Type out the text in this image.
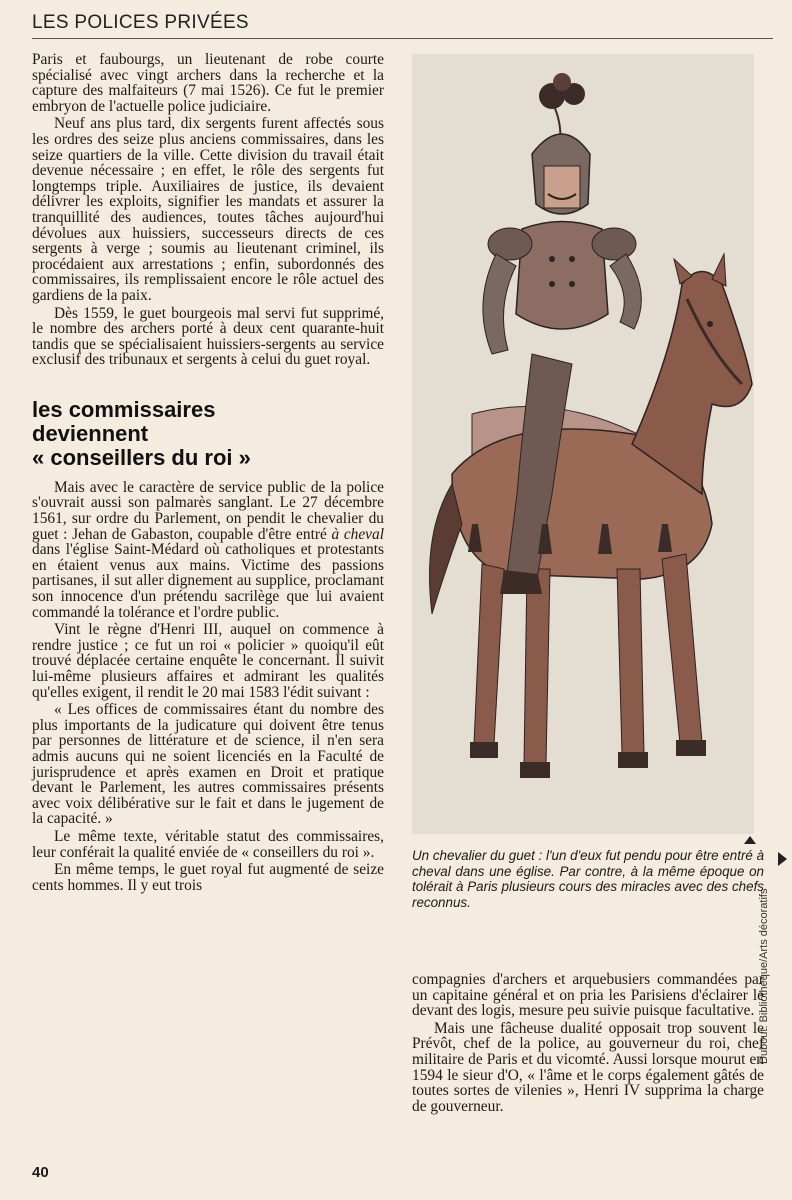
LES POLICES PRIVÉES

Paris et faubourgs, un lieutenant de robe courte spécialisé avec vingt archers dans la recherche et la capture des malfaiteurs (7 mai 1526). Ce fut le premier embryon de l'actuelle police judiciaire.

Neuf ans plus tard, dix sergents furent affectés sous les ordres des seize plus anciens commissaires, dans les seize quartiers de la ville. Cette division du travail était devenue nécessaire ; en effet, le rôle des sergents fut longtemps triple. Auxiliaires de justice, ils devaient délivrer les exploits, signifier les mandats et assurer la tranquillité des audiences, toutes tâches aujourd'hui dévolues aux huissiers, successeurs directs de ces sergents à verge ; soumis au lieutenant criminel, ils procédaient aux arrestations ; enfin, subordonnés des commissaires, ils remplissaient encore le rôle actuel des gardiens de la paix.

Dès 1559, le guet bourgeois mal servi fut supprimé, le nombre des archers porté à deux cent quarante-huit tandis que se spécialisaient huissiers-sergents au service exclusif des tribunaux et sergents à celui du guet royal.

les commissaires
deviennent
« conseillers du roi »

Mais avec le caractère de service public de la police s'ouvrait aussi son palmarès sanglant. Le 27 décembre 1561, sur ordre du Parlement, on pendit le chevalier du guet : Jehan de Gabaston, coupable d'être entré à cheval dans l'église Saint-Médard où catholiques et protestants en étaient venus aux mains. Victime des passions partisanes, il sut aller dignement au supplice, proclamant son innocence d'un prétendu sacrilège que lui avaient commandé la tolérance et l'ordre public.

Vint le règne d'Henri III, auquel on commence à rendre justice ; ce fut un roi « policier » quoiqu'il eût trouvé déplacée certaine enquête le concernant. Il suivit lui-même plusieurs affaires et admirant les qualités qu'elles exigent, il rendit le 20 mai 1583 l'édit suivant :

« Les offices de commissaires étant du nombre des plus importants de la judicature qui doivent être tenus par personnes de littérature et de science, il n'en sera admis aucuns qui ne soient licenciés en la Faculté de jurisprudence et après examen en Droit et pratique devant le Parlement, les autres commissaires présents avec voix délibérative sur le fait et dans le jugement de la capacité. »

Le même texte, véritable statut des commissaires, leur conférait la qualité enviée de « conseillers du roi ».

En même temps, le guet royal fut augmenté de seize cents hommes. Il y eut trois

Dubout. Bibliothèque/Arts décoratifs
Un chevalier du guet : l'un d'eux fut pendu pour être entré à cheval dans une église. Par contre, à la même époque on tolérait à Paris plusieurs cours des miracles avec des chefs reconnus.

compagnies d'archers et arquebusiers commandées par un capitaine général et on pria les Parisiens d'éclairer le devant des logis, mesure peu suivie puisque facultative.

Mais une fâcheuse dualité opposait trop souvent le Prévôt, chef de la police, au gouverneur du roi, chef militaire de Paris et du vicomté. Aussi lorsque mourut en 1594 le sieur d'O, « l'âme et le corps également gâtés de toutes sortes de vilenies », Henri IV supprima la charge de gouverneur.

40
